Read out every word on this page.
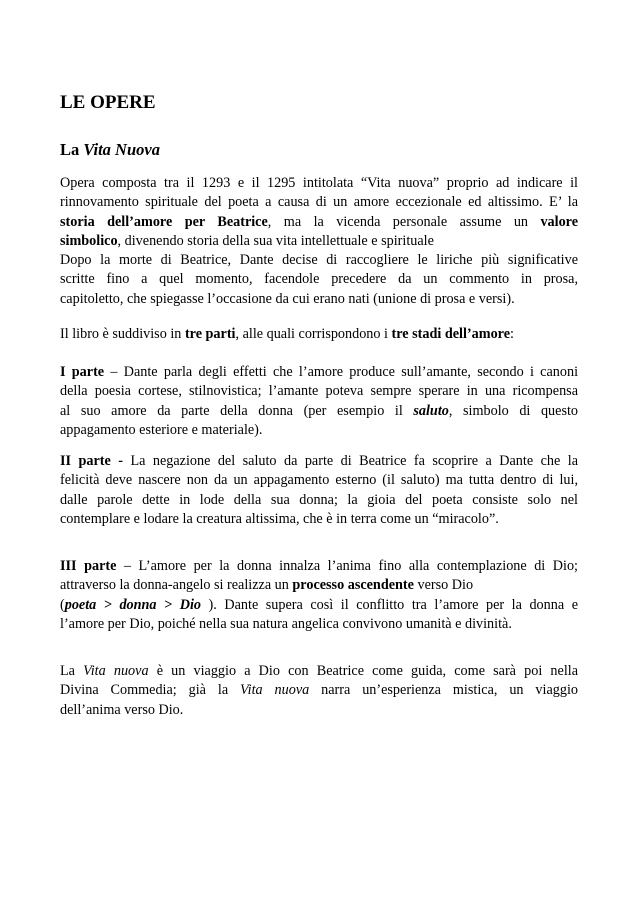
LE OPERE
La Vita Nuova
Opera composta tra il 1293 e il 1295 intitolata “Vita nuova” proprio ad indicare il
rinnovamento spirituale del poeta a causa di un amore eccezionale ed altissimo. E’ la
storia dell’amore per Beatrice, ma la vicenda personale assume un valore
simbolico, divenendo storia della sua vita intellettuale e spirituale
Dopo la morte di Beatrice, Dante decise di raccogliere le liriche più significative
scritte fino a quel momento, facendole precedere da un commento in prosa,
capitoletto, che spiegasse l’occasione da cui erano nati (unione di prosa e versi).
Il libro è suddiviso in tre parti, alle quali corrispondono i tre stadi dell’amore:
I parte – Dante parla degli effetti che l’amore produce sull’amante, secondo i canoni
della poesia cortese, stilnovistica; l’amante poteva sempre sperare in una ricompensa
al suo amore da parte della donna (per esempio il saluto, simbolo di questo
appagamento esteriore e materiale).
II parte - La negazione del saluto da parte di Beatrice fa scoprire a Dante che la
felicità deve nascere non da un appagamento esterno (il saluto) ma tutta dentro di lui,
dalle parole dette in lode della sua donna; la gioia del poeta consiste solo nel
contemplare e lodare la creatura altissima, che è in terra come un “miracolo”.
III parte – L’amore per la donna innalza l’anima fino alla contemplazione di Dio;
attraverso la donna-angelo si realizza un processo ascendente verso Dio
(poeta > donna > Dio ). Dante supera così il conflitto tra l’amore per la donna e
l’amore per Dio, poiché nella sua natura angelica convivono umanità e divinità.
La Vita nuova è un viaggio a Dio con Beatrice come guida, come sarà poi nella
Divina Commedia; già la Vita nuova narra un’esperienza mistica, un viaggio
dell’anima verso Dio.
